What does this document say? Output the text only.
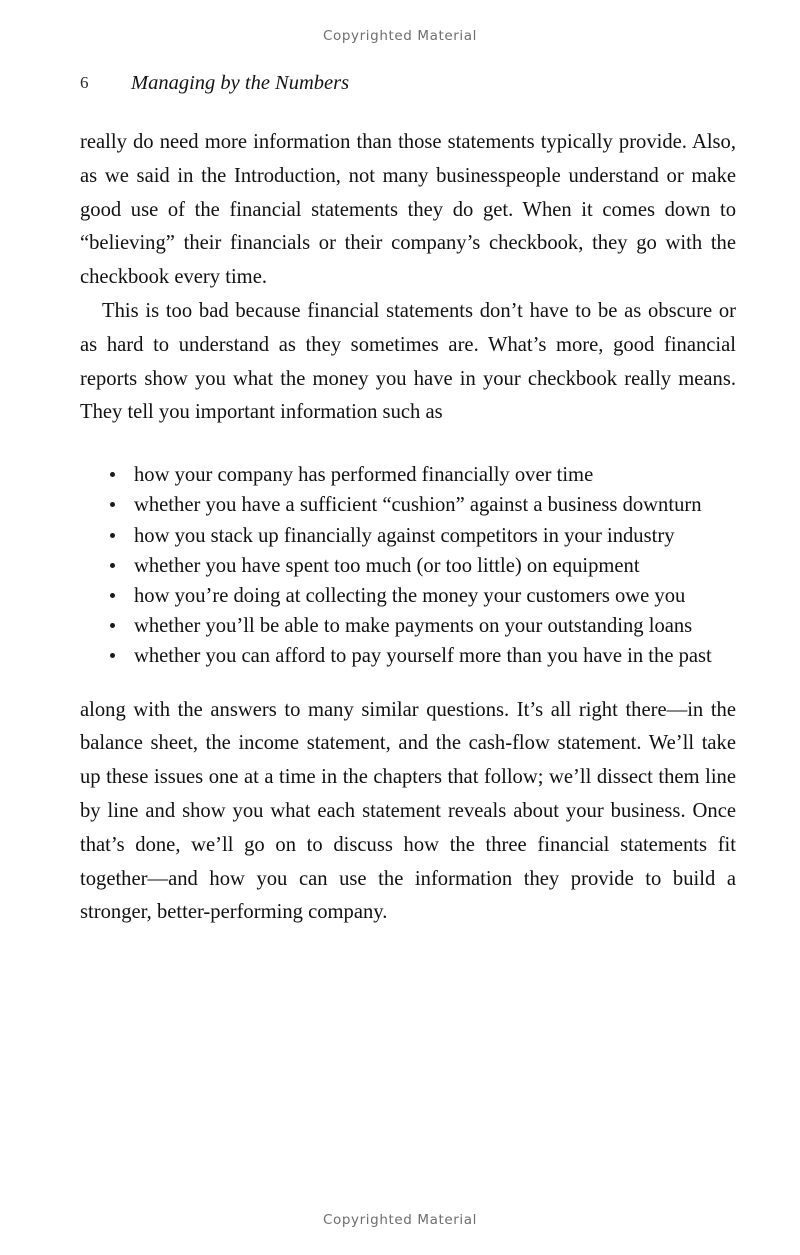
Copyrighted Material
6 Managing by the Numbers

really do need more information than those statements typically provide. Also, as we said in the Introduction, not many businesspeople understand or make good use of the financial statements they do get. When it comes down to “believing” their financials or their company’s checkbook, they go with the checkbook every time.

This is too bad because financial statements don’t have to be as obscure or as hard to understand as they sometimes are. What’s more, good financial reports show you what the money you have in your checkbook really means. They tell you important information such as

how your company has performed financially over time
whether you have a sufficient “cushion” against a business downturn
how you stack up financially against competitors in your industry
whether you have spent too much (or too little) on equipment
how you’re doing at collecting the money your customers owe you
whether you’ll be able to make payments on your outstanding loans
whether you can afford to pay yourself more than you have in the past

along with the answers to many similar questions. It’s all right there—in the balance sheet, the income statement, and the cash-flow statement. We’ll take up these issues one at a time in the chapters that follow; we’ll dissect them line by line and show you what each statement reveals about your business. Once that’s done, we’ll go on to discuss how the three financial statements fit together—and how you can use the information they provide to build a stronger, better-performing company.

Copyrighted Material
